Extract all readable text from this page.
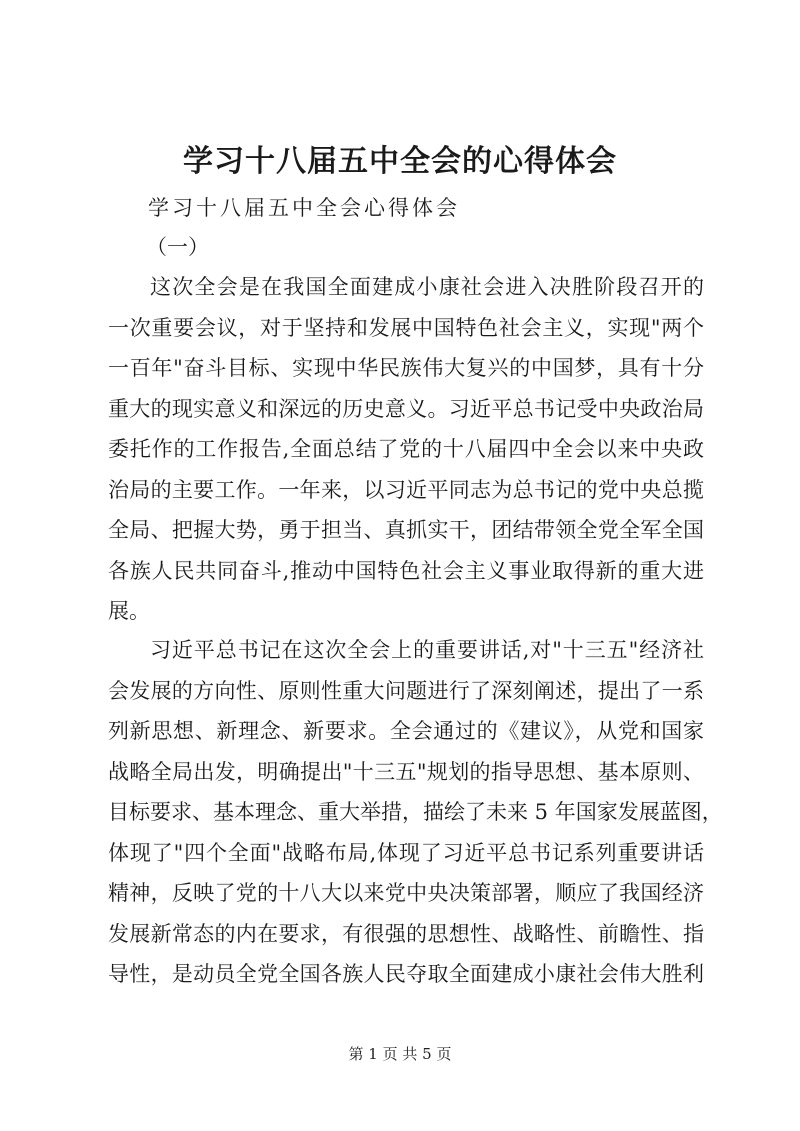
学习十八届五中全会的心得体会
学习十八届五中全会心得体会
（一）
这次全会是在我国全面建成小康社会进入决胜阶段召开的
一次重要会议，对于坚持和发展中国特色社会主义，实现"两个
一百年"奋斗目标、实现中华民族伟大复兴的中国梦，具有十分
重大的现实意义和深远的历史意义。习近平总书记受中央政治局
委托作的工作报告,全面总结了党的十八届四中全会以来中央政
治局的主要工作。一年来，以习近平同志为总书记的党中央总揽
全局、把握大势，勇于担当、真抓实干，团结带领全党全军全国
各族人民共同奋斗,推动中国特色社会主义事业取得新的重大进
展。
习近平总书记在这次全会上的重要讲话,对"十三五"经济社
会发展的方向性、原则性重大问题进行了深刻阐述，提出了一系
列新思想、新理念、新要求。全会通过的《建议》，从党和国家
战略全局出发，明确提出"十三五"规划的指导思想、基本原则、
目标要求、基本理念、重大举措，描绘了未来 5 年国家发展蓝图，
体现了"四个全面"战略布局,体现了习近平总书记系列重要讲话
精神，反映了党的十八大以来党中央决策部署，顺应了我国经济
发展新常态的内在要求，有很强的思想性、战略性、前瞻性、指
导性，是动员全党全国各族人民夺取全面建成小康社会伟大胜利
第 1 页 共 5 页
